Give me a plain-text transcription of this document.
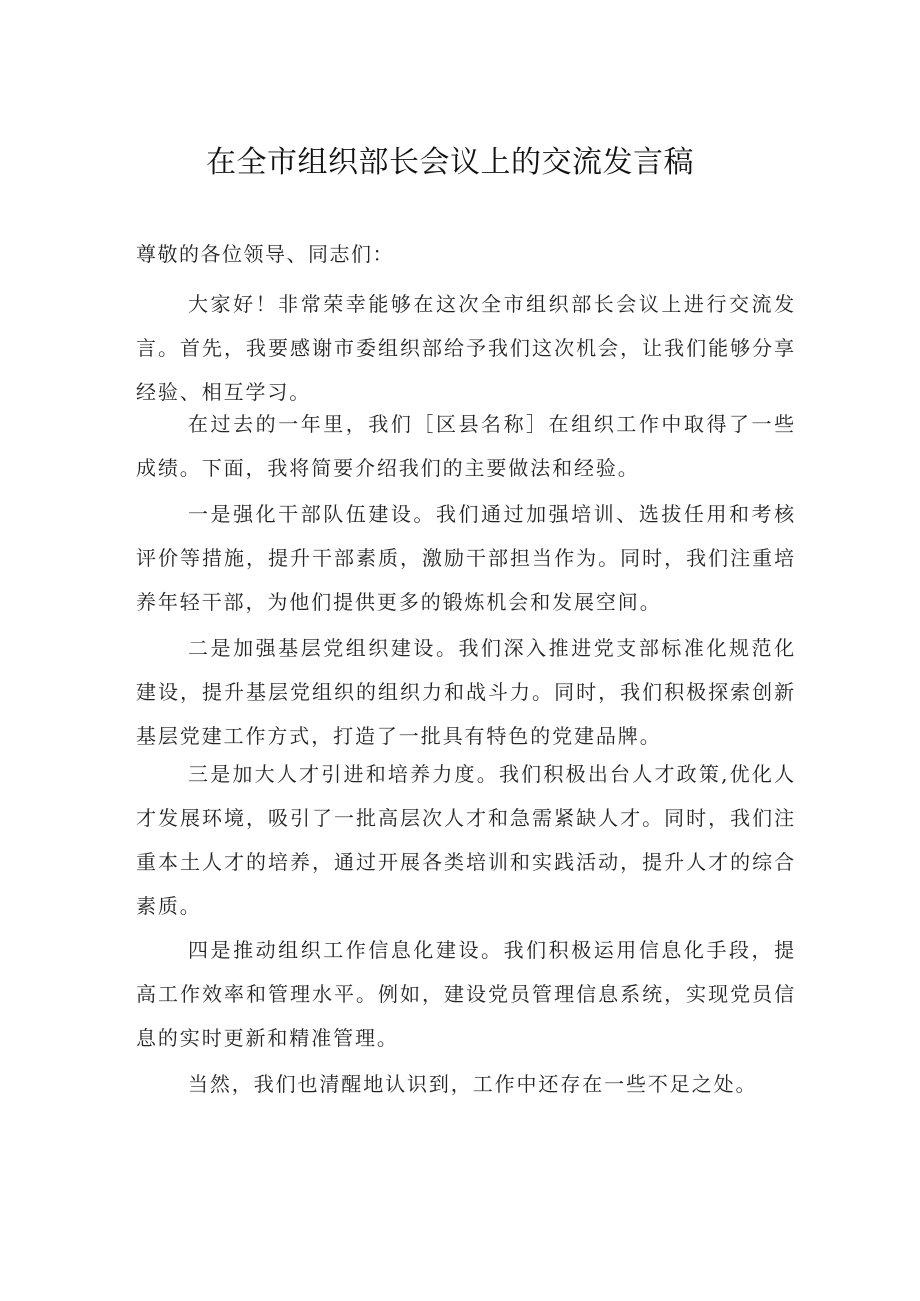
在全市组织部长会议上的交流发言稿
尊敬的各位领导、同志们：

大家好！非常荣幸能够在这次全市组织部长会议上进行交流发言。首先，我要感谢市委组织部给予我们这次机会，让我们能够分享经验、相互学习。

在过去的一年里，我们［区县名称］在组织工作中取得了一些成绩。下面，我将简要介绍我们的主要做法和经验。

一是强化干部队伍建设。我们通过加强培训、选拔任用和考核评价等措施，提升干部素质，激励干部担当作为。同时，我们注重培养年轻干部，为他们提供更多的锻炼机会和发展空间。

二是加强基层党组织建设。我们深入推进党支部标准化规范化建设，提升基层党组织的组织力和战斗力。同时，我们积极探索创新基层党建工作方式，打造了一批具有特色的党建品牌。

三是加大人才引进和培养力度。我们积极出台人才政策,优化人才发展环境，吸引了一批高层次人才和急需紧缺人才。同时，我们注重本土人才的培养，通过开展各类培训和实践活动，提升人才的综合素质。

四是推动组织工作信息化建设。我们积极运用信息化手段，提高工作效率和管理水平。例如，建设党员管理信息系统，实现党员信息的实时更新和精准管理。

当然，我们也清醒地认识到，工作中还存在一些不足之处。
